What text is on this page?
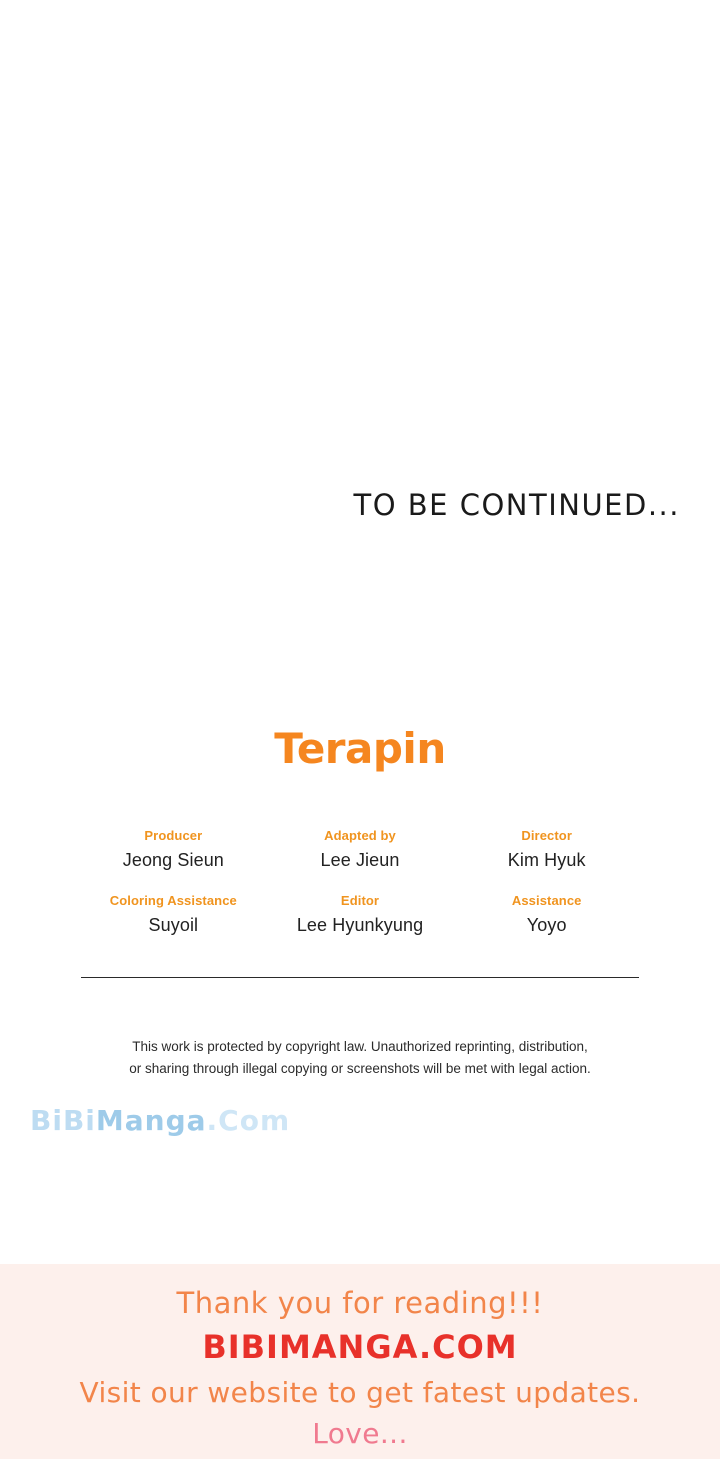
TO BE CONTINUED...
Terapin
Producer
Jeong Sieun
Adapted by
Lee Jieun
Director
Kim Hyuk
Coloring Assistance
Suyoil
Editor
Lee Hyunkyung
Assistance
Yoyo
This work is protected by copyright law. Unauthorized reprinting, distribution,
or sharing through illegal copying or screenshots will be met with legal action.
BiBiManga.Com
Thank you for reading!!!
BIBIMANGA.COM
Visit our website to get fatest updates.
Love...
